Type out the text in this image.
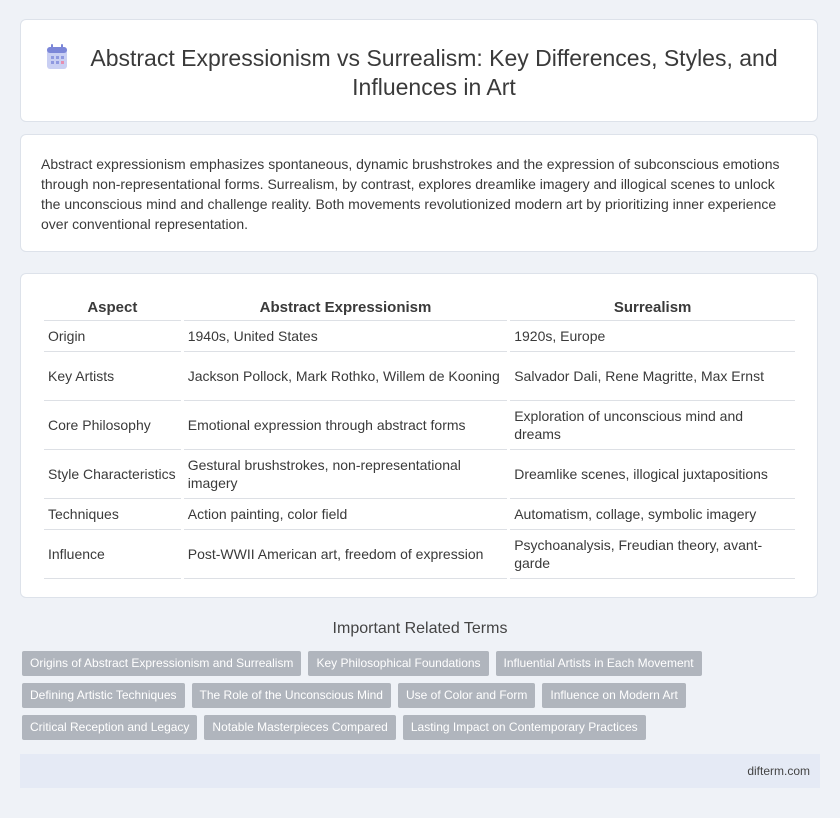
Abstract Expressionism vs Surrealism: Key Differences, Styles, and Influences in Art
Abstract expressionism emphasizes spontaneous, dynamic brushstrokes and the expression of subconscious emotions through non-representational forms. Surrealism, by contrast, explores dreamlike imagery and illogical scenes to unlock the unconscious mind and challenge reality. Both movements revolutionized modern art by prioritizing inner experience over conventional representation.
Aspect	Abstract Expressionism	Surrealism
Origin	1940s, United States	1920s, Europe
Key Artists	Jackson Pollock, Mark Rothko, Willem de Kooning	Salvador Dali, Rene Magritte, Max Ernst
Core Philosophy	Emotional expression through abstract forms	Exploration of unconscious mind and dreams
Style Characteristics	Gestural brushstrokes, non-representational imagery	Dreamlike scenes, illogical juxtapositions
Techniques	Action painting, color field	Automatism, collage, symbolic imagery
Influence	Post-WWII American art, freedom of expression	Psychoanalysis, Freudian theory, avant-garde
Important Related Terms
Origins of Abstract Expressionism and Surrealism Key Philosophical Foundations Influential Artists in Each Movement
Defining Artistic Techniques The Role of the Unconscious Mind Use of Color and Form Influence on Modern Art
Critical Reception and Legacy Notable Masterpieces Compared Lasting Impact on Contemporary Practices
difterm.com
